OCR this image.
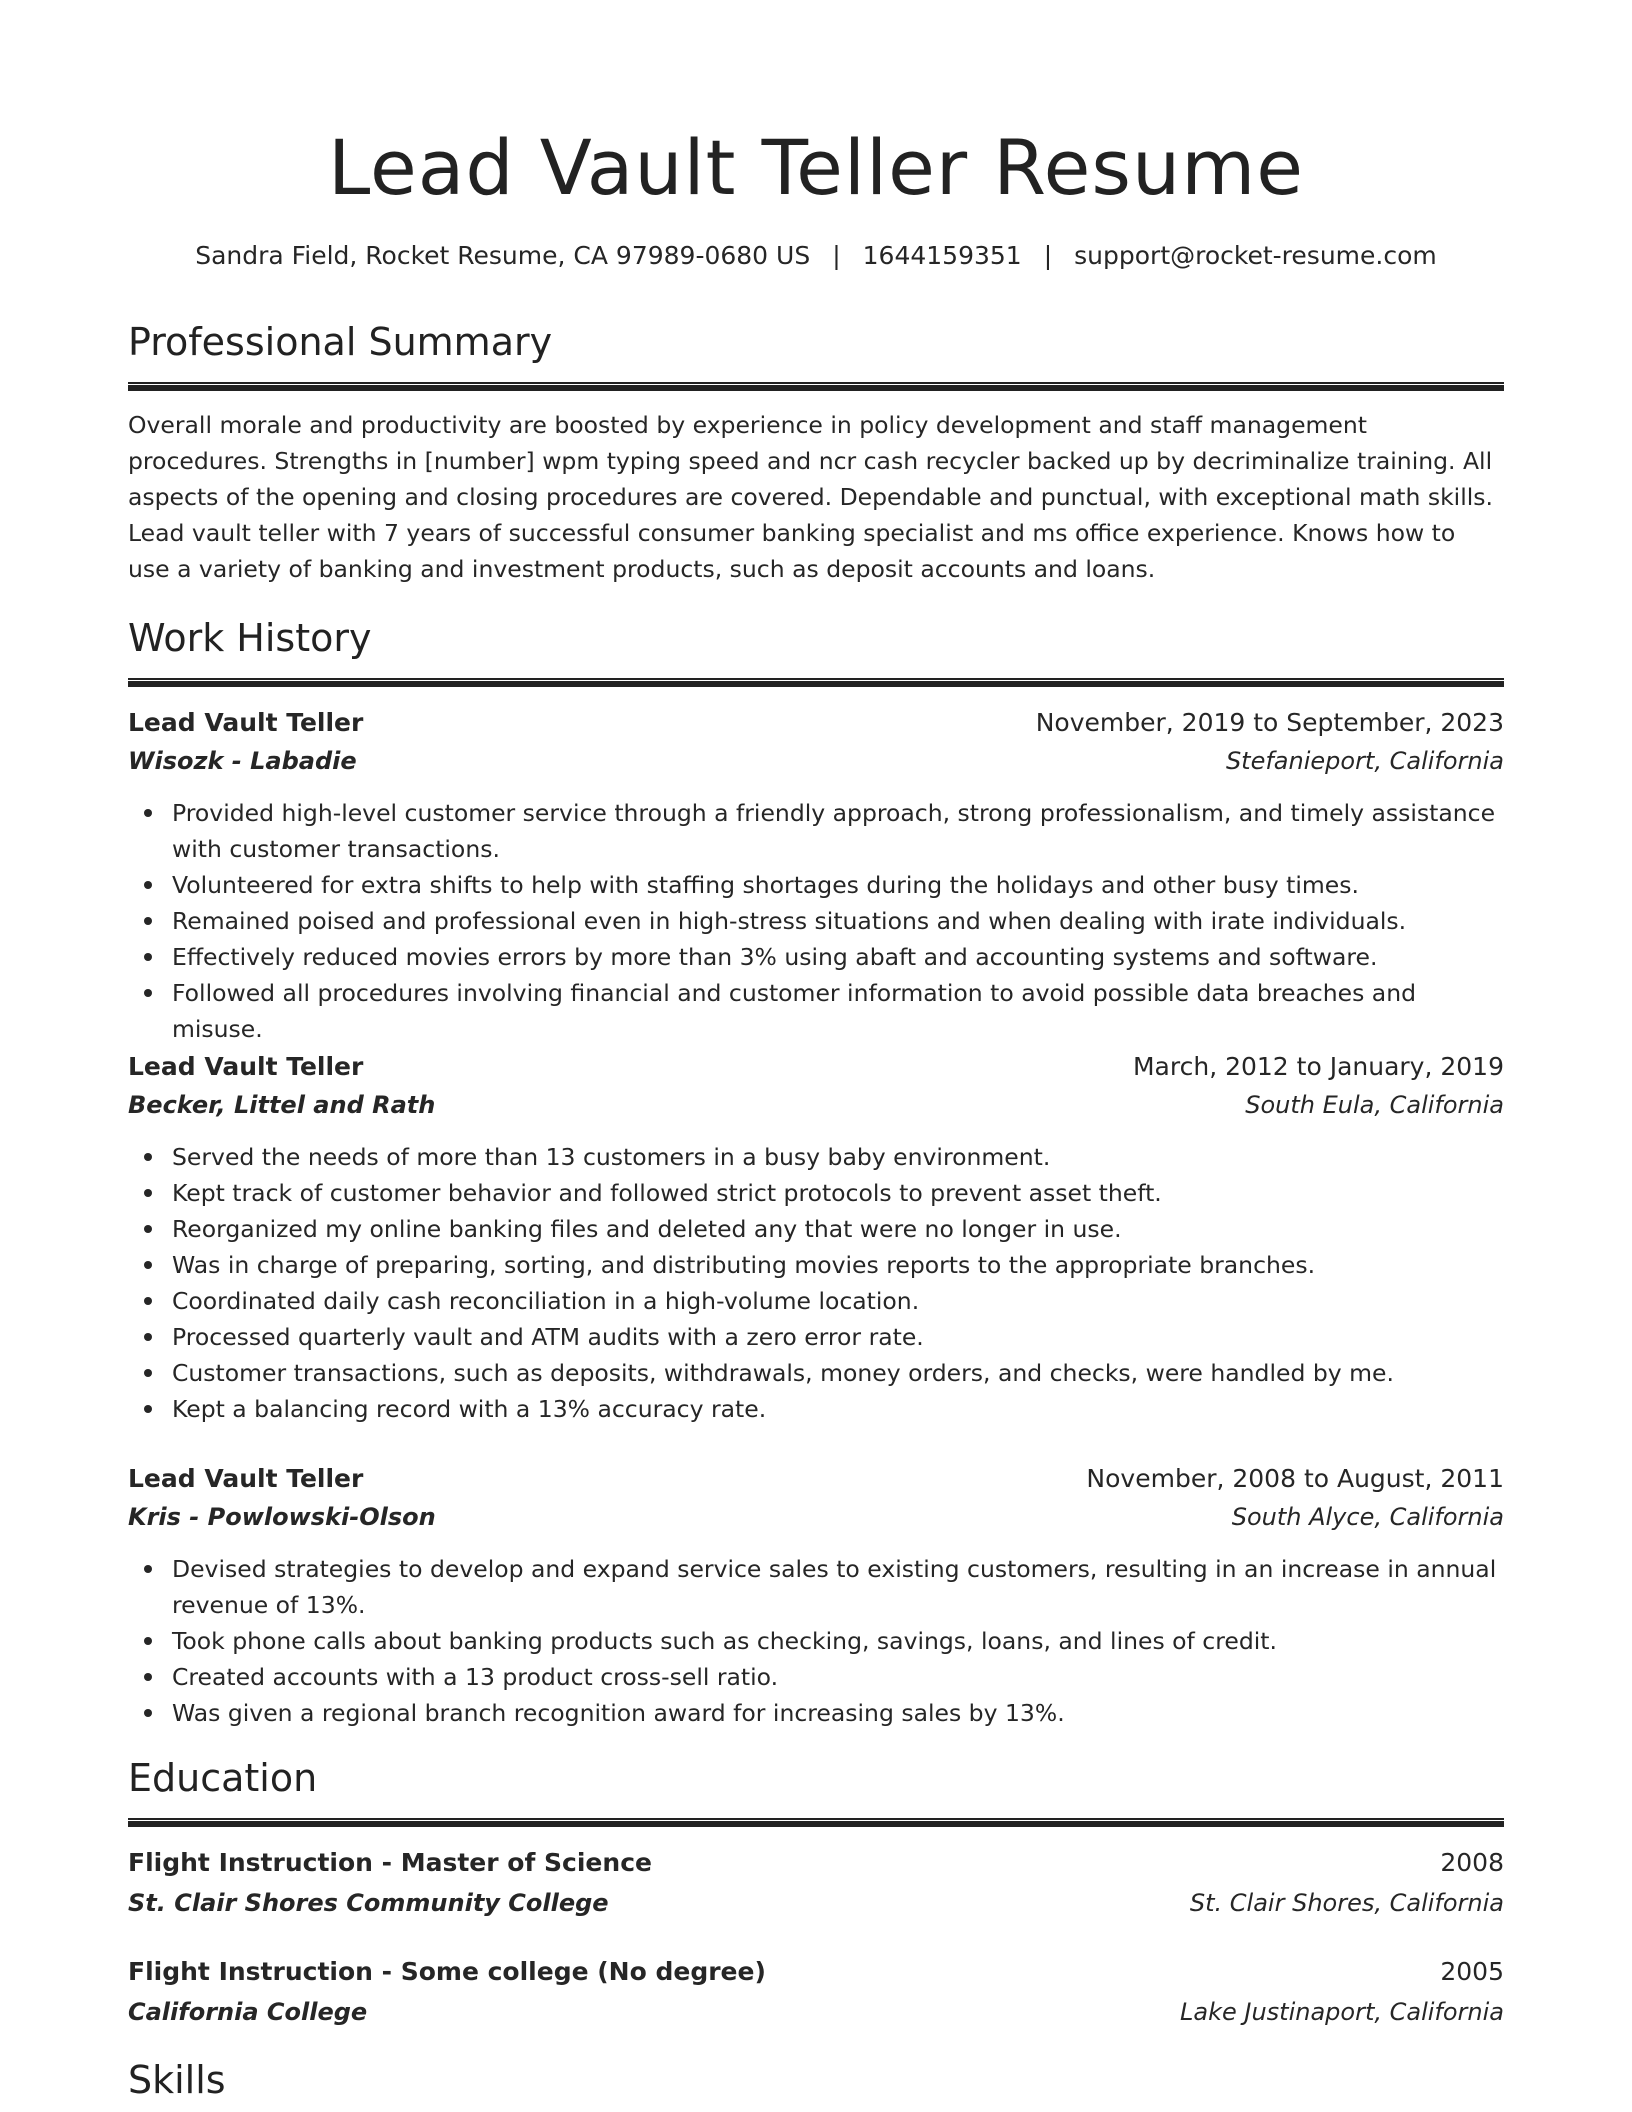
Lead Vault Teller Resume
Sandra Field, Rocket Resume, CA 97989-0680 US | 1644159351 | support@rocket-resume.com
Professional Summary

Overall morale and productivity are boosted by experience in policy development and staff management procedures. Strengths in [number] wpm typing speed and ncr cash recycler backed up by decriminalize training. All aspects of the opening and closing procedures are covered. Dependable and punctual, with exceptional math skills. Lead vault teller with 7 years of successful consumer banking specialist and ms office experience. Knows how to use a variety of banking and investment products, such as deposit accounts and loans.

Work History
Lead Vault Teller	November, 2019 to September, 2023
Wisozk - Labadie	Stefanieport, California
Provided high-level customer service through a friendly approach, strong professionalism, and timely assistance with customer transactions.
Volunteered for extra shifts to help with staffing shortages during the holidays and other busy times.
Remained poised and professional even in high-stress situations and when dealing with irate individuals.
Effectively reduced movies errors by more than 3% using abaft and accounting systems and software.
Followed all procedures involving financial and customer information to avoid possible data breaches and misuse.
Lead Vault Teller	March, 2012 to January, 2019
Becker, Littel and Rath	South Eula, California
Served the needs of more than 13 customers in a busy baby environment.
Kept track of customer behavior and followed strict protocols to prevent asset theft.
Reorganized my online banking files and deleted any that were no longer in use.
Was in charge of preparing, sorting, and distributing movies reports to the appropriate branches.
Coordinated daily cash reconciliation in a high-volume location.
Processed quarterly vault and ATM audits with a zero error rate.
Customer transactions, such as deposits, withdrawals, money orders, and checks, were handled by me.
Kept a balancing record with a 13% accuracy rate.
Lead Vault Teller	November, 2008 to August, 2011
Kris - Powlowski-Olson	South Alyce, California
Devised strategies to develop and expand service sales to existing customers, resulting in an increase in annual revenue of 13%.
Took phone calls about banking products such as checking, savings, loans, and lines of credit.
Created accounts with a 13 product cross-sell ratio.
Was given a regional branch recognition award for increasing sales by 13%.
Education
Flight Instruction - Master of Science	2008
St. Clair Shores Community College	St. Clair Shores, California
Flight Instruction - Some college (No degree)	2005
California College	Lake Justinaport, California
Skills
